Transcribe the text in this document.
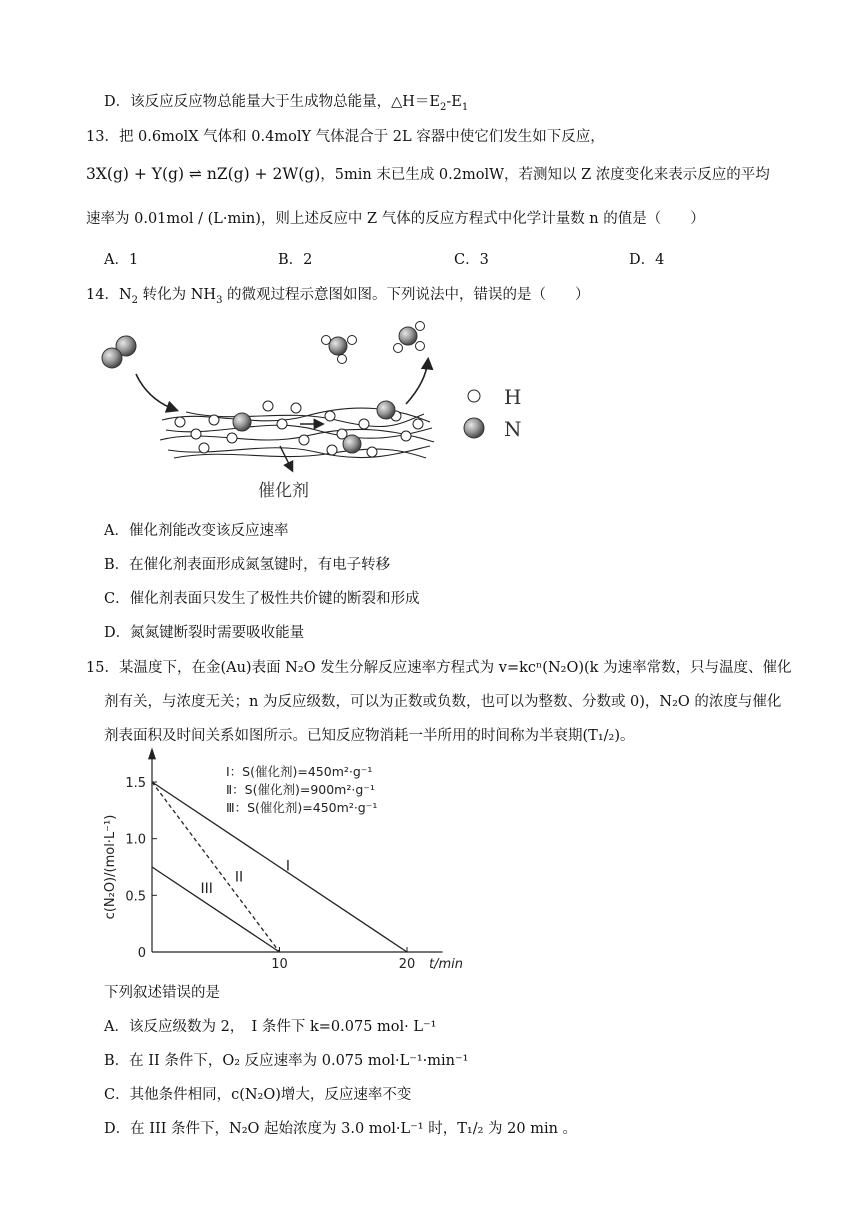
D．该反应反应物总能量大于生成物总能量，$\triangle H=E_2-E_1$
13．把 0.6molX 气体和 0.4molY 气体混合于 2L 容器中使它们发生如下反应，
3X(g) + Y(g) ⇌ nZ(g) + 2W(g)，5min 末已生成 0.2molW，若测知以 Z 浓度变化来表示反应的平均
速率为 0.01mol / (L·min)，则上述反应中 Z 气体的反应方程式中化学计量数 n 的值是（　　）
A．1	B．2	C．3	D．4
14．$N_2$ 转化为 $NH_3$ 的微观过程示意图如图。下列说法中，错误的是（　　）
催化剂
H
N
A．催化剂能改变该反应速率
B．在催化剂表面形成氮氢键时，有电子转移
C．催化剂表面只发生了极性共价键的断裂和形成
D．氮氮键断裂时需要吸收能量
15．某温度下，在金(Au)表面 N₂O 发生分解反应速率方程式为 v=kcⁿ(N₂O)(k 为速率常数，只与温度、催化
剂有关，与浓度无关；n 为反应级数，可以为正数或负数，也可以为整数、分数或 0)，N₂O 的浓度与催化
剂表面积及时间关系如图所示。已知反应物消耗一半所用的时间称为半衰期(T₁/₂)。
0
0.5
1.0
1.5
10	20 t/min
c(N₂O)/(mol·L⁻¹)	I
II
III
Ⅰ：S(催化剂)=450m²·g⁻¹
Ⅱ：S(催化剂)=900m²·g⁻¹
Ⅲ：S(催化剂)=450m²·g⁻¹
下列叙述错误的是
A．该反应级数为 2，　I 条件下 k=0.075 mol· L⁻¹
B．在 II 条件下，O₂ 反应速率为 0.075 mol·L⁻¹·min⁻¹
C．其他条件相同，c(N₂O)增大，反应速率不变
D．在 III 条件下，N₂O 起始浓度为 3.0 mol·L⁻¹ 时，T₁/₂ 为 20 min 。
